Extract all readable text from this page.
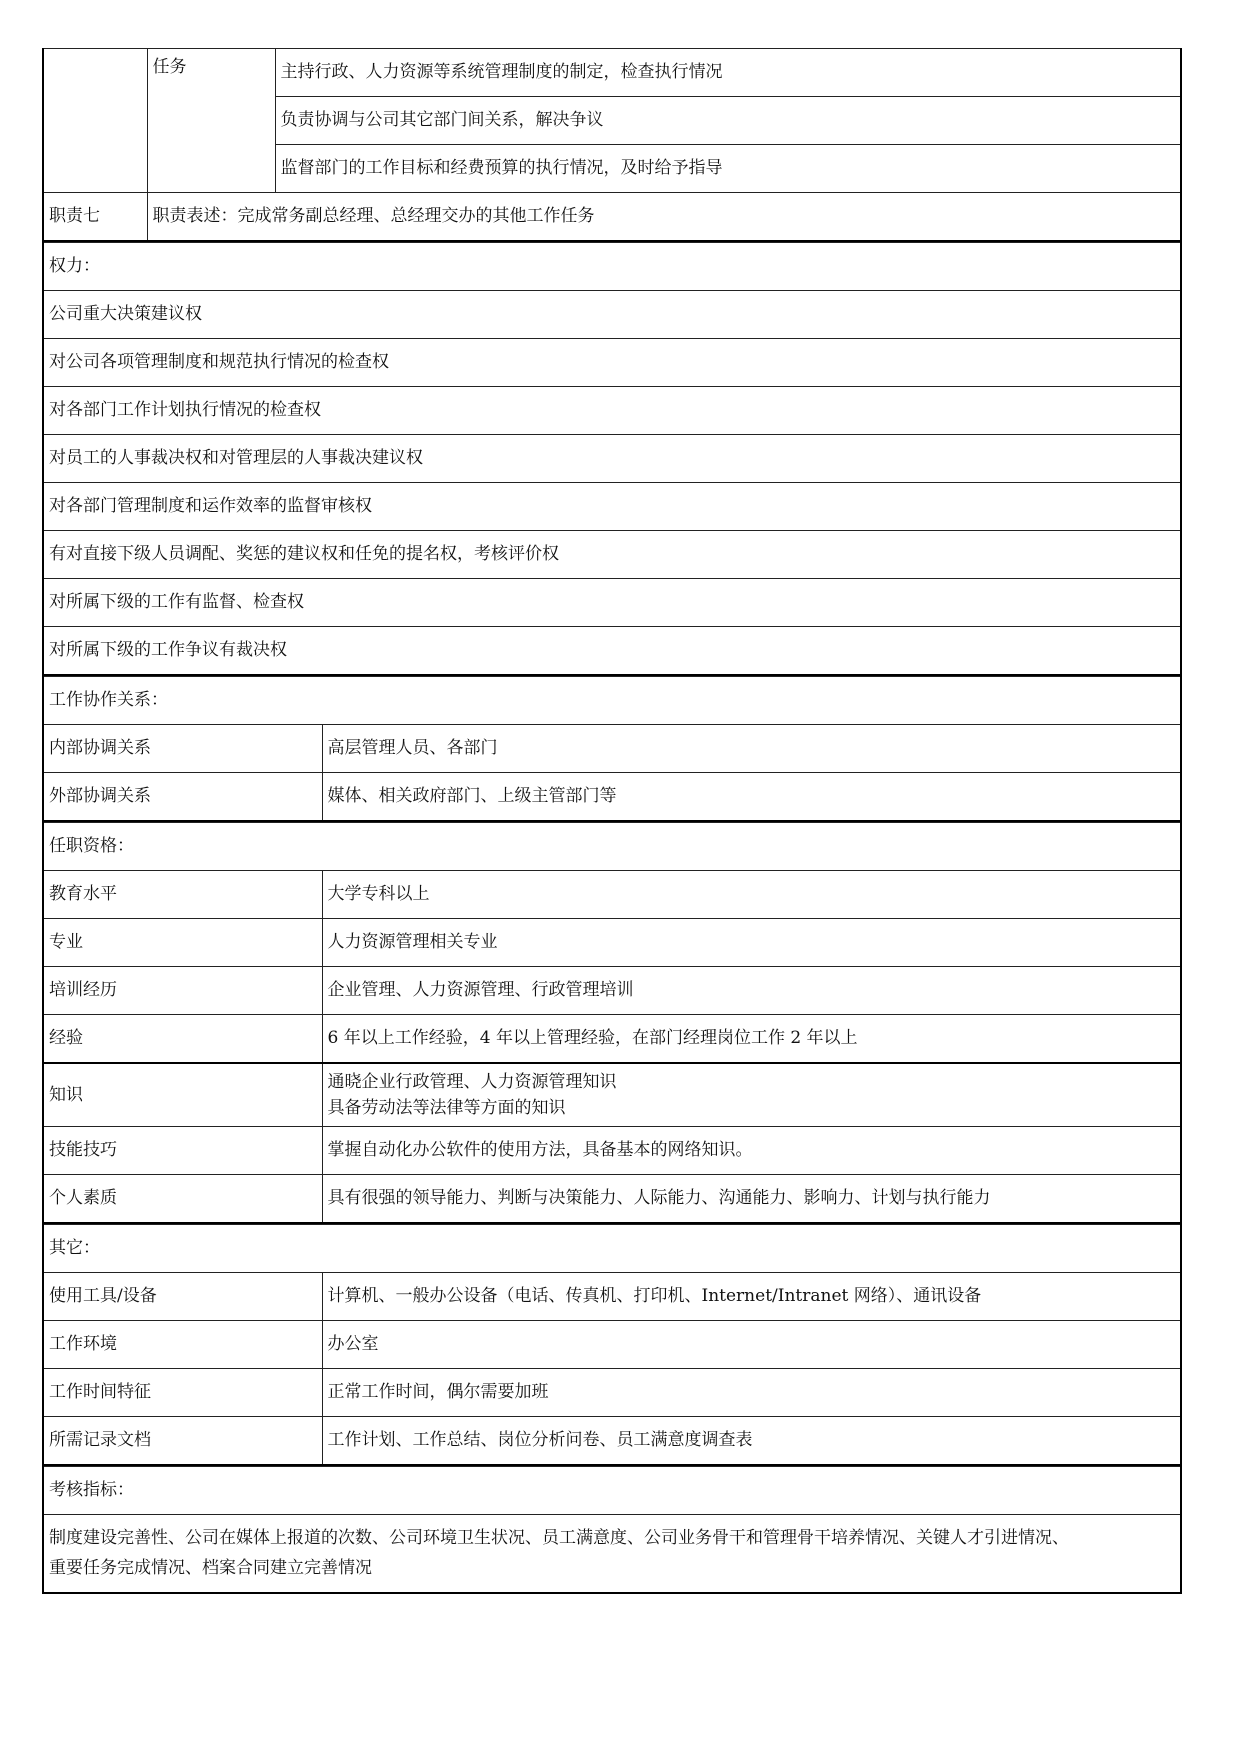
	任务	主持行政、人力资源等系统管理制度的制定，检查执行情况
		负责协调与公司其它部门间关系，解决争议
		监督部门的工作目标和经费预算的执行情况，及时给予指导
职责七	职责表述：完成常务副总经理、总经理交办的其他工作任务	
权力：
公司重大决策建议权
对公司各项管理制度和规范执行情况的检查权
对各部门工作计划执行情况的检查权
对员工的人事裁决权和对管理层的人事裁决建议权
对各部门管理制度和运作效率的监督审核权
有对直接下级人员调配、奖惩的建议权和任免的提名权，考核评价权
对所属下级的工作有监督、检查权
对所属下级的工作争议有裁决权
工作协作关系：	
内部协调关系	高层管理人员、各部门
外部协调关系	媒体、相关政府部门、上级主管部门等
任职资格：	
教育水平	大学专科以上
专业	人力资源管理相关专业
培训经历	企业管理、人力资源管理、行政管理培训
经验	6 年以上工作经验，4 年以上管理经验，在部门经理岗位工作 2 年以上
知识	通晓企业行政管理、人力资源管理知识
具备劳动法等法律等方面的知识

技能技巧	掌握自动化办公软件的使用方法，具备基本的网络知识。
个人素质	具有很强的领导能力、判断与决策能力、人际能力、沟通能力、影响力、计划与执行能力
其它：	
使用工具/设备	计算机、一般办公设备（电话、传真机、打印机、Internet/Intranet 网络）、通讯设备
工作环境	办公室
工作时间特征	正常工作时间，偶尔需要加班
所需记录文档	工作计划、工作总结、岗位分析问卷、员工满意度调查表
考核指标：

制度建设完善性、公司在媒体上报道的次数、公司环境卫生状况、员工满意度、公司业务骨干和管理骨干培养情况、关键人才引进情况、
重要任务完成情况、档案合同建立完善情况
